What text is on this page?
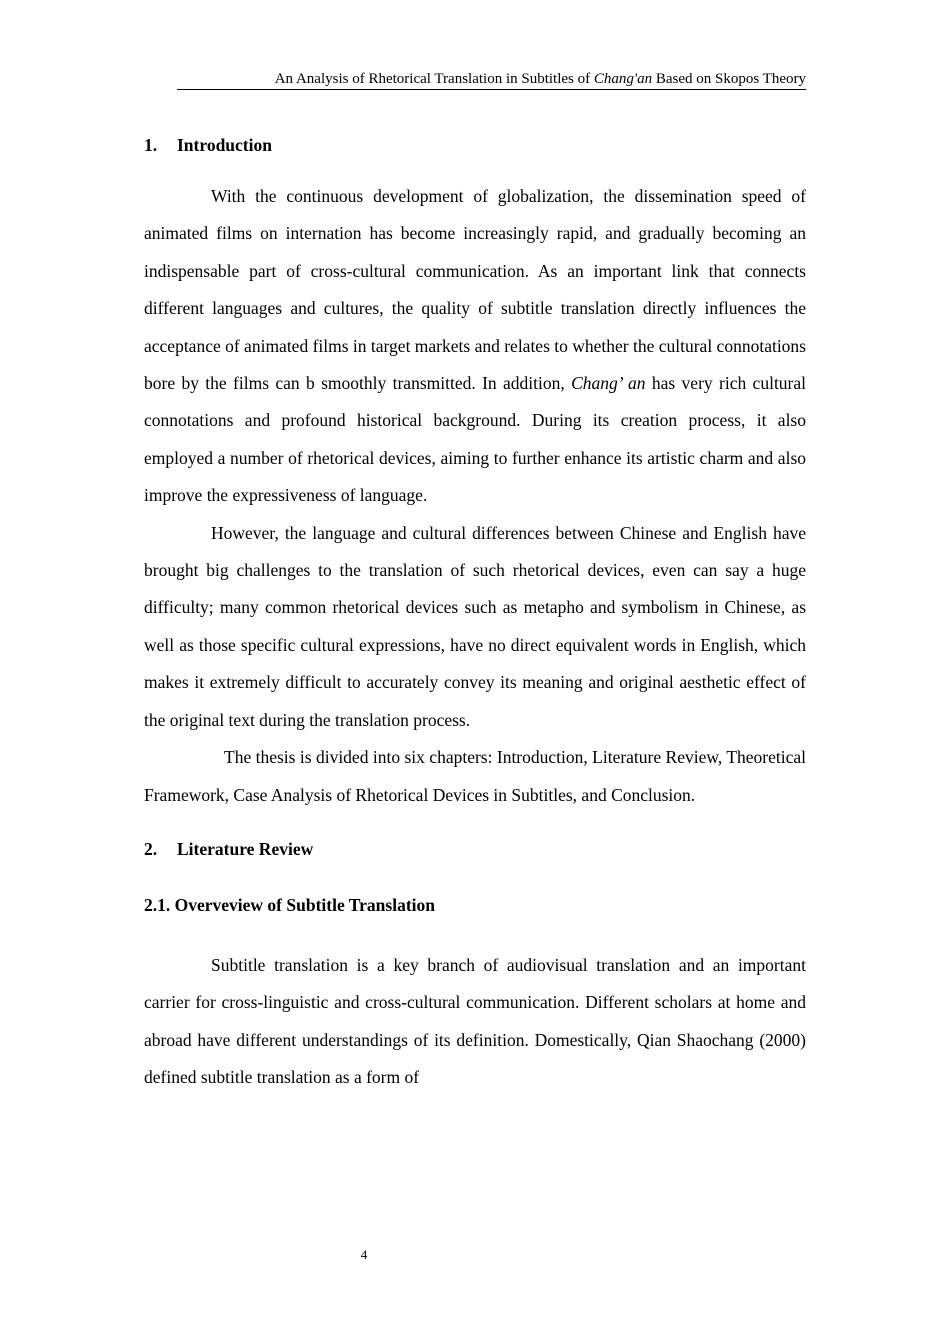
An Analysis of Rhetorical Translation in Subtitles of Chang'an Based on Skopos Theory
1. Introduction

With the continuous development of globalization, the dissemination speed of animated films on internation has become increasingly rapid, and gradually becoming an indispensable part of cross-cultural communication. As an important link that connects different languages and cultures, the quality of subtitle translation directly influences the acceptance of animated films in target markets and relates to whether the cultural connotations bore by the films can b smoothly transmitted. In addition, Chang’ an has very rich cultural connotations and profound historical background. During its creation process, it also employed a number of rhetorical devices, aiming to further enhance its artistic charm and also improve the expressiveness of language.

However, the language and cultural differences between Chinese and English have brought big challenges to the translation of such rhetorical devices, even can say a huge difficulty; many common rhetorical devices such as metapho and symbolism in Chinese, as well as those specific cultural expressions, have no direct equivalent words in English, which makes it extremely difficult to accurately convey its meaning and original aesthetic effect of the original text during the translation process.

The thesis is divided into six chapters: Introduction, Literature Review, Theoretical Framework, Case Analysis of Rhetorical Devices in Subtitles, and Conclusion.

2. Literature Review
2.1. Overveview of Subtitle Translation

Subtitle translation is a key branch of audiovisual translation and an important carrier for cross-linguistic and cross-cultural communication. Different scholars at home and abroad have different understandings of its definition. Domestically, Qian Shaochang (2000) defined subtitle translation as a form of

4
